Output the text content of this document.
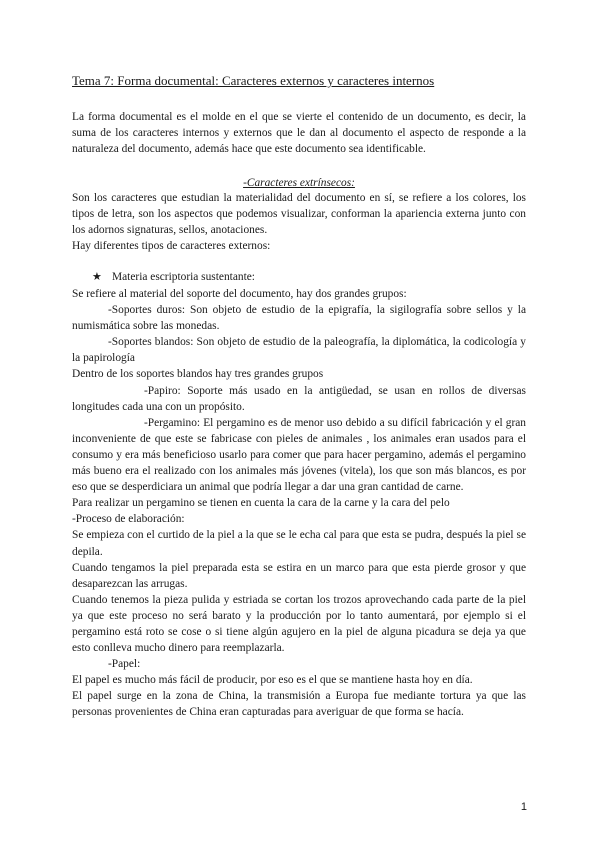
Tema 7: Forma documental: Caracteres externos y caracteres internos

La forma documental es el molde en el que se vierte el contenido de un documento, es decir, la suma de los caracteres internos y externos que le dan al documento el aspecto de responde a la naturaleza del documento, además hace que este documento sea identificable.

-Caracteres extrínsecos:

Son los caracteres que estudian la materialidad del documento en sí, se refiere a los colores, los tipos de letra, son los aspectos que podemos visualizar, conforman la apariencia externa junto con los adornos signaturas, sellos, anotaciones.

Hay diferentes tipos de caracteres externos:

★ Materia escriptoria sustentante:

Se refiere al material del soporte del documento, hay dos grandes grupos:

-Soportes duros: Son objeto de estudio de la epigrafía, la sigilografía sobre sellos y la numismática sobre las monedas.

-Soportes blandos: Son objeto de estudio de la paleografía, la diplomática, la codicología y la papirología

Dentro de los soportes blandos hay tres grandes grupos

-Papiro: Soporte más usado en la antigüedad, se usan en rollos de diversas longitudes cada una con un propósito.

-Pergamino: El pergamino es de menor uso debido a su difícil fabricación y el gran inconveniente de que este se fabricase con pieles de animales , los animales eran usados para el consumo y era más beneficioso usarlo para comer que para hacer pergamino, además el pergamino más bueno era el realizado con los animales más jóvenes (vitela), los que son más blancos, es por eso que se desperdiciara un animal que podría llegar a dar una gran cantidad de carne.

Para realizar un pergamino se tienen en cuenta la cara de la carne y la cara del pelo

-Proceso de elaboración:

Se empieza con el curtido de la piel a la que se le echa cal para que esta se pudra, después la piel se depila.

Cuando tengamos la piel preparada esta se estira en un marco para que esta pierde grosor y que desaparezcan las arrugas.

Cuando tenemos la pieza pulida y estriada se cortan los trozos aprovechando cada parte de la piel ya que este proceso no será barato y la producción por lo tanto aumentará, por ejemplo si el pergamino está roto se cose o si tiene algún agujero en la piel de alguna picadura se deja ya que esto conlleva mucho dinero para reemplazarla.

-Papel:

El papel es mucho más fácil de producir, por eso es el que se mantiene hasta hoy en día.

El papel surge en la zona de China, la transmisión a Europa fue mediante tortura ya que las personas provenientes de China eran capturadas para averiguar de que forma se hacía.

1
